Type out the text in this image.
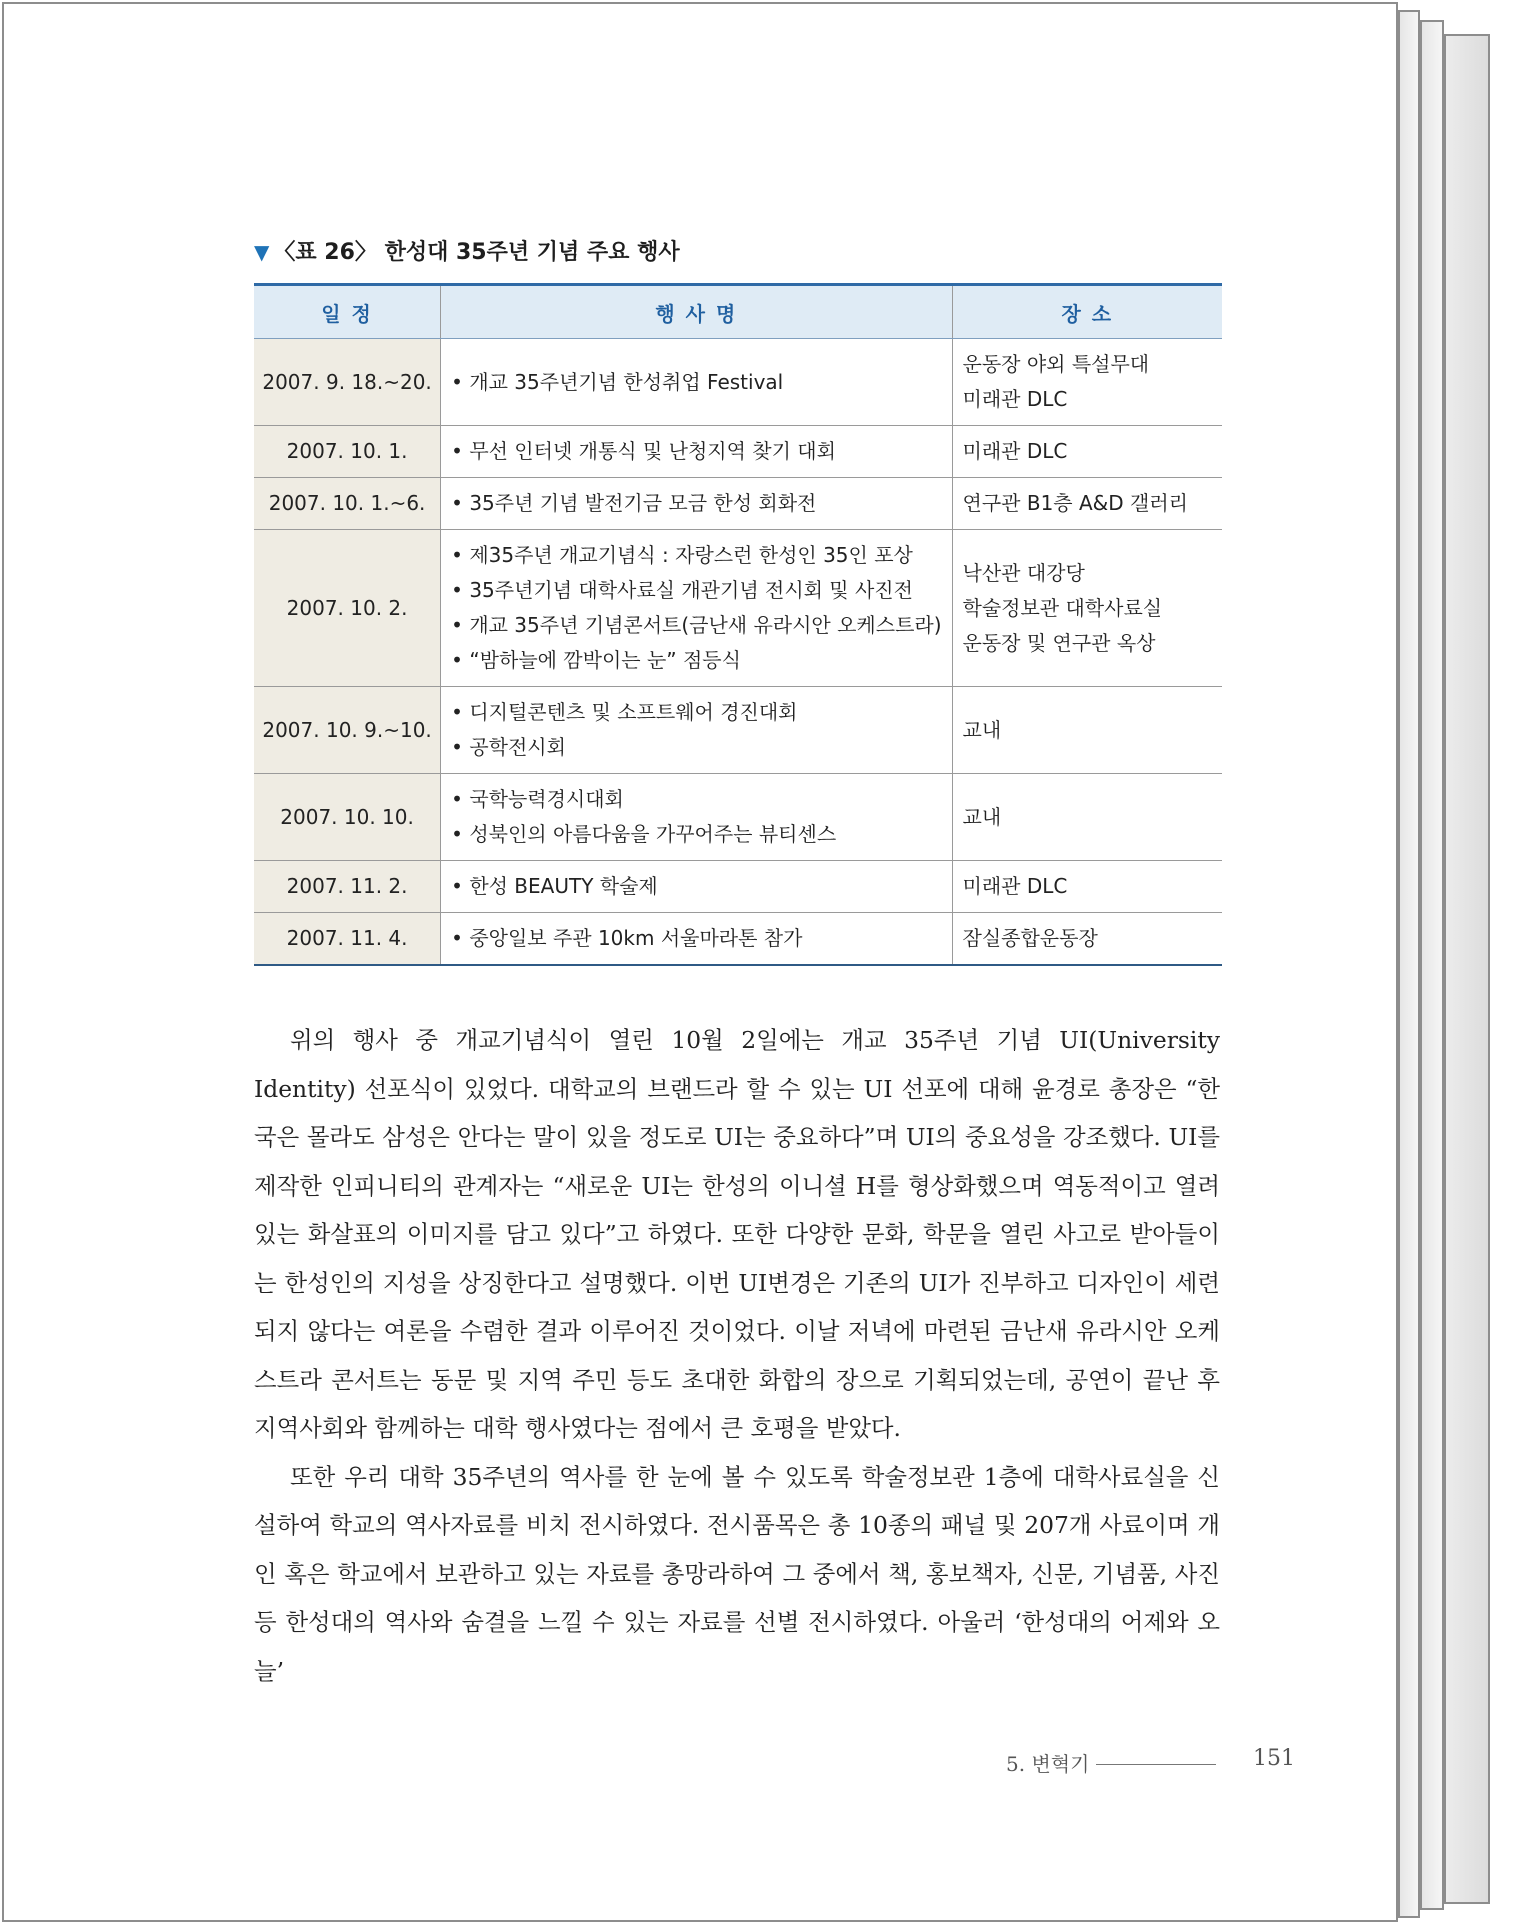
▼ 〈표 26〉 한성대 35주년 기념 주요 행사
일 정	행 사 명	장 소
2007. 9. 18.~20.	• 개교 35주년기념 한성취업 Festival	운동장 야외 특설무대
미래관 DLC

2007. 10. 1.	• 무선 인터넷 개통식 및 난청지역 찾기 대회	미래관 DLC

2007. 10. 1.~6.	• 35주년 기념 발전기금 모금 한성 회화전	연구관 B1층 A&D 갤러리

2007. 10. 2.	• 제35주년 개교기념식 : 자랑스런 한성인 35인 포상
• 35주년기념 대학사료실 개관기념 전시회 및 사진전
• 개교 35주년 기념콘서트(금난새 유라시안 오케스트라)
• “밤하늘에 깜박이는 눈” 점등식	낙산관 대강당
학술정보관 대학사료실
운동장 및 연구관 옥상

2007. 10. 9.~10.	• 디지털콘텐츠 및 소프트웨어 경진대회
• 공학전시회	교내

2007. 10. 10.	• 국학능력경시대회
• 성북인의 아름다움을 가꾸어주는 뷰티센스	교내

2007. 11. 2.	• 한성 BEAUTY 학술제	미래관 DLC

2007. 11. 4.	• 중앙일보 주관 10km 서울마라톤 참가	잠실종합운동장

위의 행사 중 개교기념식이 열린 10월 2일에는 개교 35주년 기념 UI(University Identity) 선포식이 있었다. 대학교의 브랜드라 할 수 있는 UI 선포에 대해 윤경로 총장은 “한국은 몰라도 삼성은 안다는 말이 있을 정도로 UI는 중요하다”며 UI의 중요성을 강조했다. UI를 제작한 인피니티의 관계자는 “새로운 UI는 한성의 이니셜 H를 형상화했으며 역동적이고 열려 있는 화살표의 이미지를 담고 있다”고 하였다. 또한 다양한 문화, 학문을 열린 사고로 받아들이는 한성인의 지성을 상징한다고 설명했다. 이번 UI변경은 기존의 UI가 진부하고 디자인이 세련되지 않다는 여론을 수렴한 결과 이루어진 것이었다. 이날 저녁에 마련된 금난새 유라시안 오케스트라 콘서트는 동문 및 지역 주민 등도 초대한 화합의 장으로 기획되었는데, 공연이 끝난 후 지역사회와 함께하는 대학 행사였다는 점에서 큰 호평을 받았다.

또한 우리 대학 35주년의 역사를 한 눈에 볼 수 있도록 학술정보관 1층에 대학사료실을 신설하여 학교의 역사자료를 비치 전시하였다. 전시품목은 총 10종의 패널 및 207개 사료이며 개인 혹은 학교에서 보관하고 있는 자료를 총망라하여 그 중에서 책, 홍보책자, 신문, 기념품, 사진 등 한성대의 역사와 숨결을 느낄 수 있는 자료를 선별 전시하였다. 아울러 ‘한성대의 어제와 오늘’

5. 변혁기	151
